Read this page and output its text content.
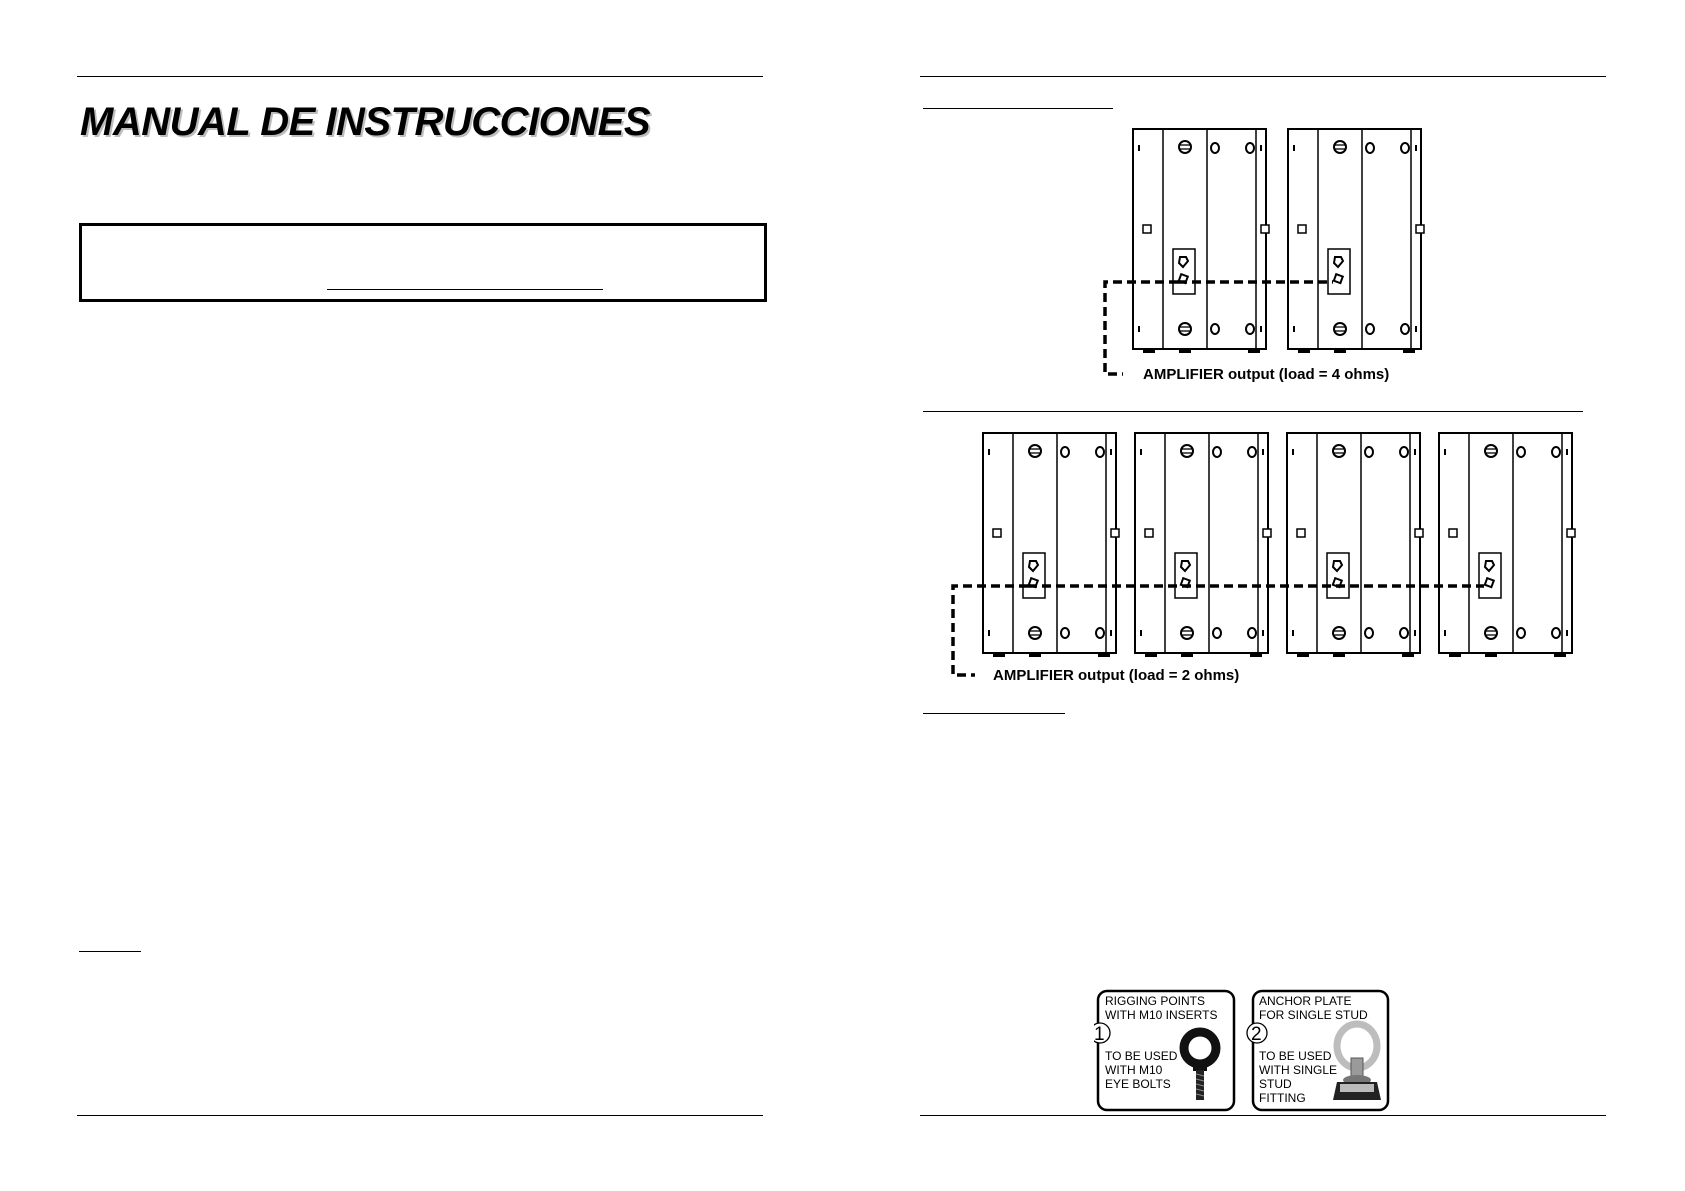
MANUAL DE INSTRUCCIONES
AMPLIFIER output (load = 4 ohms)
AMPLIFIER output (load = 2 ohms)
RIGGING POINTS
WITH M10 INSERTS
1
TO BE USED
WITH M10
EYE BOLTS
ANCHOR PLATE
FOR SINGLE STUD
2
TO BE USED
WITH SINGLE
STUD
FITTING
